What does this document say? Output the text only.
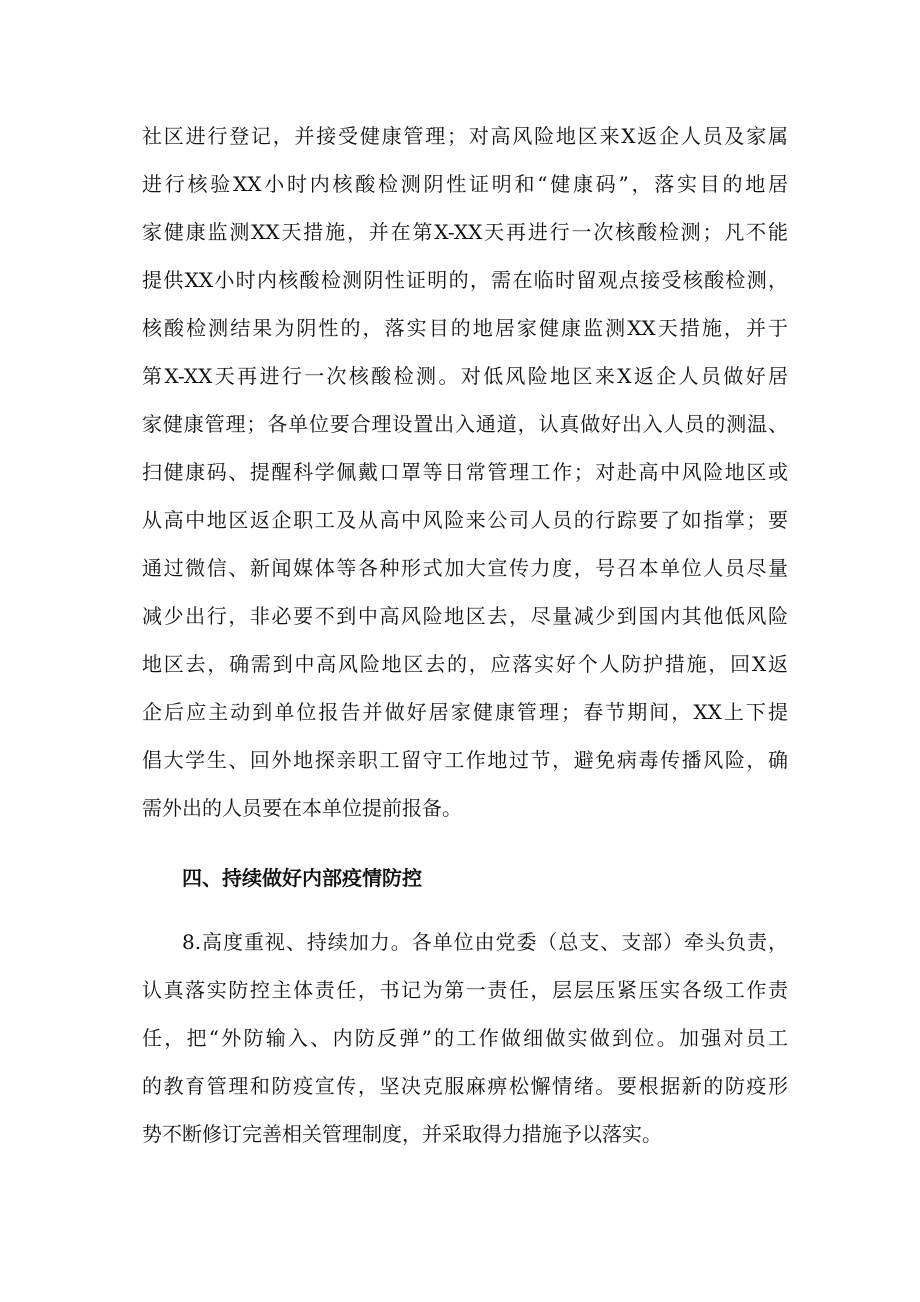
社区进行登记，并接受健康管理；对高风险地区来X返企人员及家属
进行核验XX小时内核酸检测阴性证明和“健康码”，落实目的地居
家健康监测XX天措施，并在第X-XX天再进行一次核酸检测；凡不能
提供XX小时内核酸检测阴性证明的，需在临时留观点接受核酸检测，
核酸检测结果为阴性的，落实目的地居家健康监测XX天措施，并于
第X-XX天再进行一次核酸检测。对低风险地区来X返企人员做好居
家健康管理；各单位要合理设置出入通道，认真做好出入人员的测温、
扫健康码、提醒科学佩戴口罩等日常管理工作；对赴高中风险地区或
从高中地区返企职工及从高中风险来公司人员的行踪要了如指掌；要
通过微信、新闻媒体等各种形式加大宣传力度，号召本单位人员尽量
减少出行，非必要不到中高风险地区去，尽量减少到国内其他低风险
地区去，确需到中高风险地区去的，应落实好个人防护措施，回X返
企后应主动到单位报告并做好居家健康管理；春节期间，XX上下提
倡大学生、回外地探亲职工留守工作地过节，避免病毒传播风险，确
需外出的人员要在本单位提前报备。
四、持续做好内部疫情防控
8.高度重视、持续加力。各单位由党委（总支、支部）牵头负责，
认真落实防控主体责任，书记为第一责任，层层压紧压实各级工作责
任，把“外防输入、内防反弹”的工作做细做实做到位。加强对员工
的教育管理和防疫宣传，坚决克服麻痹松懈情绪。要根据新的防疫形
势不断修订完善相关管理制度，并采取得力措施予以落实。
